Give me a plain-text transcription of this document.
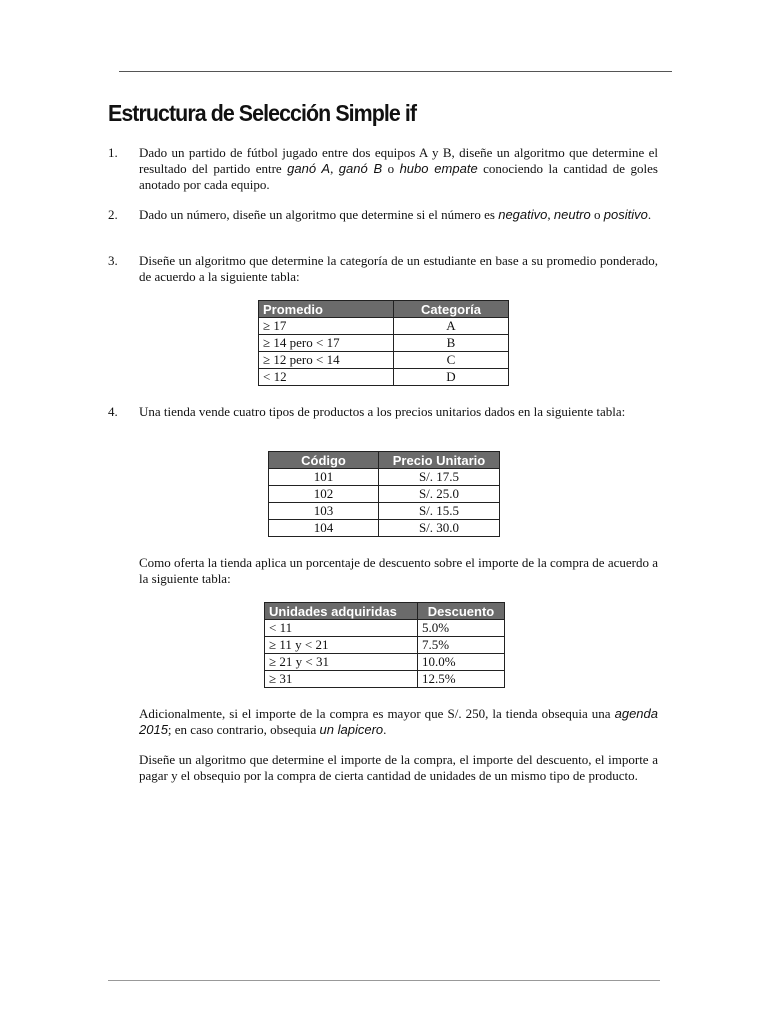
Estructura de Selección Simple if
1.	Dado un partido de fútbol jugado entre dos equipos A y B, diseñe un algoritmo que determine el resultado del partido entre ganó A, ganó B o hubo empate conociendo la cantidad de goles anotado por cada equipo.
2.	Dado un número, diseñe un algoritmo que determine si el número es negativo, neutro o positivo.
3.	Diseñe un algoritmo que determine la categoría de un estudiante en base a su promedio ponderado, de acuerdo a la siguiente tabla:
Promedio	Categoría
≥ 17	A
≥ 14 pero < 17	B
≥ 12 pero < 14	C
< 12	D
4.	Una tienda vende cuatro tipos de productos a los precios unitarios dados en la siguiente tabla:
Código	Precio Unitario
101	S/. 17.5
102	S/. 25.0
103	S/. 15.5
104	S/. 30.0
Como oferta la tienda aplica un porcentaje de descuento sobre el importe de la compra de acuerdo a la siguiente tabla:
Unidades adquiridas	Descuento
< 11	5.0%
≥ 11 y < 21	7.5%
≥ 21 y < 31	10.0%
≥ 31	12.5%
Adicionalmente, si el importe de la compra es mayor que S/. 250, la tienda obsequia una agenda 2015; en caso contrario, obsequia un lapicero.
Diseñe un algoritmo que determine el importe de la compra, el importe del descuento, el importe a pagar y el obsequio por la compra de cierta cantidad de unidades de un mismo tipo de producto.
